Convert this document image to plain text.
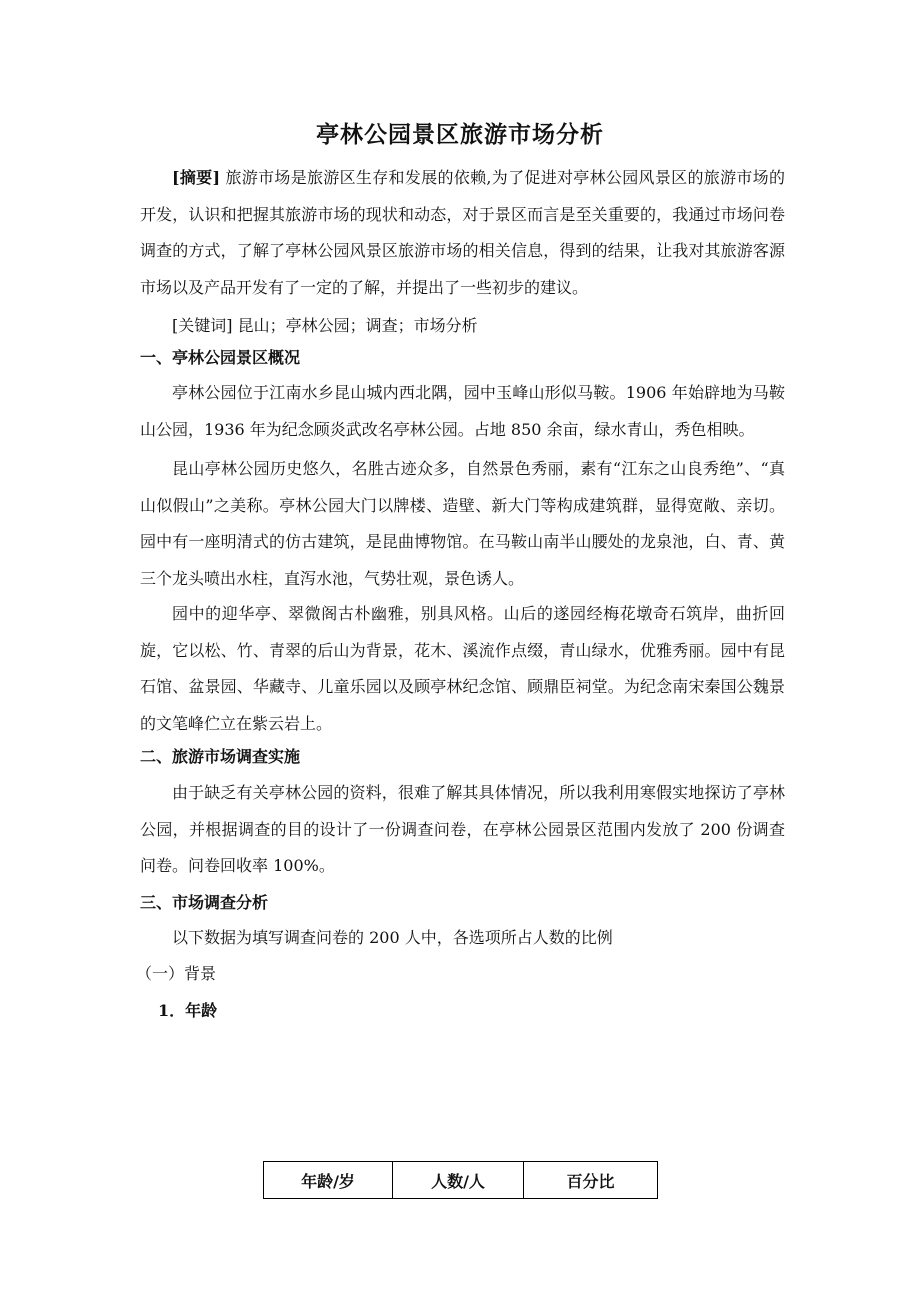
亭林公园景区旅游市场分析

[摘要] 旅游市场是旅游区生存和发展的依赖,为了促进对亭林公园风景区的旅游市场的开发，认识和把握其旅游市场的现状和动态，对于景区而言是至关重要的，我通过市场问卷调查的方式，了解了亭林公园风景区旅游市场的相关信息，得到的结果，让我对其旅游客源市场以及产品开发有了一定的了解，并提出了一些初步的建议。

[关键词] 昆山；亭林公园；调查；市场分析

一、亭林公园景区概况

亭林公园位于江南水乡昆山城内西北隅，园中玉峰山形似马鞍。1906 年始辟地为马鞍山公园，1936 年为纪念顾炎武改名亭林公园。占地 850 余亩，绿水青山，秀色相映。

昆山亭林公园历史悠久，名胜古迹众多，自然景色秀丽，素有“江东之山良秀绝”、“真山似假山”之美称。亭林公园大门以牌楼、造壁、新大门等构成建筑群，显得宽敞、亲切。园中有一座明清式的仿古建筑，是昆曲博物馆。在马鞍山南半山腰处的龙泉池，白、青、黄三个龙头喷出水柱，直泻水池，气势壮观，景色诱人。

园中的迎华亭、翠微阁古朴幽雅，别具风格。山后的遂园经梅花墩奇石筑岸，曲折回旋，它以松、竹、青翠的后山为背景，花木、溪流作点缀，青山绿水，优雅秀丽。园中有昆石馆、盆景园、华藏寺、儿童乐园以及顾亭林纪念馆、顾鼎臣祠堂。为纪念南宋秦国公魏景的文笔峰伫立在紫云岩上。

二、旅游市场调查实施

由于缺乏有关亭林公园的资料，很难了解其具体情况，所以我利用寒假实地探访了亭林公园，并根据调查的目的设计了一份调查问卷，在亭林公园景区范围内发放了 200 份调查问卷。问卷回收率 100%。

三、市场调查分析

以下数据为填写调查问卷的 200 人中，各选项所占人数的比例

（一）背景

1．年龄

年龄/岁	人数/人	百分比
